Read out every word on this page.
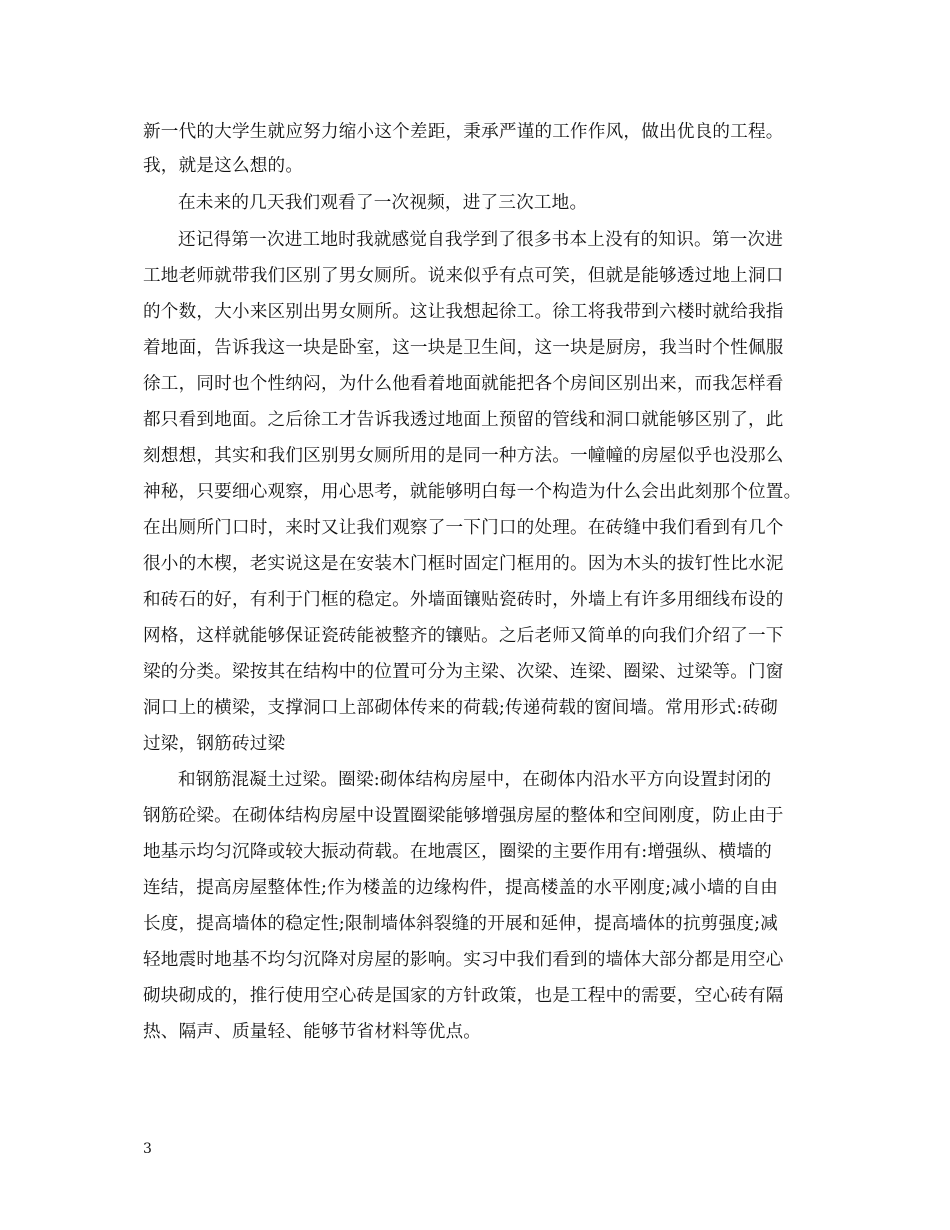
新一代的大学生就应努力缩小这个差距，秉承严谨的工作作风，做出优良的工程。
我，就是这么想的。
在未来的几天我们观看了一次视频，进了三次工地。
还记得第一次进工地时我就感觉自我学到了很多书本上没有的知识。第一次进
工地老师就带我们区别了男女厕所。说来似乎有点可笑，但就是能够透过地上洞口
的个数，大小来区别出男女厕所。这让我想起徐工。徐工将我带到六楼时就给我指
着地面，告诉我这一块是卧室，这一块是卫生间，这一块是厨房，我当时个性佩服
徐工，同时也个性纳闷，为什么他看着地面就能把各个房间区别出来，而我怎样看
都只看到地面。之后徐工才告诉我透过地面上预留的管线和洞口就能够区别了，此
刻想想，其实和我们区别男女厕所用的是同一种方法。一幢幢的房屋似乎也没那么
神秘，只要细心观察，用心思考，就能够明白每一个构造为什么会出此刻那个位置。
在出厕所门口时，来时又让我们观察了一下门口的处理。在砖缝中我们看到有几个
很小的木楔，老实说这是在安装木门框时固定门框用的。因为木头的拔钉性比水泥
和砖石的好，有利于门框的稳定。外墙面镶贴瓷砖时，外墙上有许多用细线布设的
网格，这样就能够保证瓷砖能被整齐的镶贴。之后老师又简单的向我们介绍了一下
梁的分类。梁按其在结构中的位置可分为主梁、次梁、连梁、圈梁、过梁等。门窗
洞口上的横梁，支撑洞口上部砌体传来的荷载;传递荷载的窗间墙。常用形式:砖砌
过梁，钢筋砖过梁
和钢筋混凝土过梁。圈梁:砌体结构房屋中，在砌体内沿水平方向设置封闭的
钢筋砼梁。在砌体结构房屋中设置圈梁能够增强房屋的整体和空间刚度，防止由于
地基示均匀沉降或较大振动荷载。在地震区，圈梁的主要作用有:增强纵、横墙的
连结，提高房屋整体性;作为楼盖的边缘构件，提高楼盖的水平刚度;减小墙的自由
长度，提高墙体的稳定性;限制墙体斜裂缝的开展和延伸，提高墙体的抗剪强度;减
轻地震时地基不均匀沉降对房屋的影响。实习中我们看到的墙体大部分都是用空心
砌块砌成的，推行使用空心砖是国家的方针政策，也是工程中的需要，空心砖有隔
热、隔声、质量轻、能够节省材料等优点。
3
